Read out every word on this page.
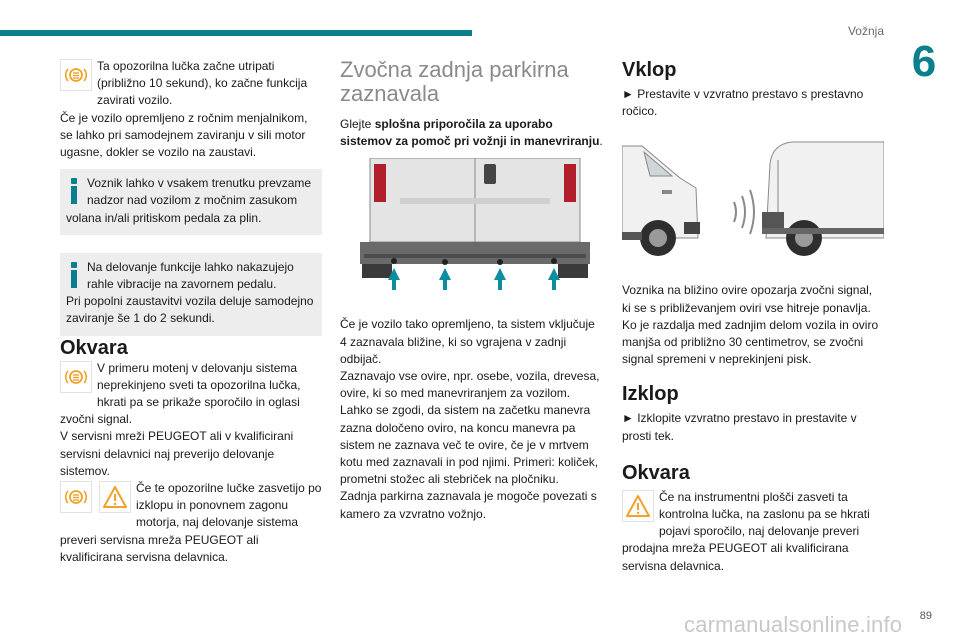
Vožnja
6

Ta opozorilna lučka začne utripati (približno 10 sekund), ko začne funkcija zavirati vozilo.

Če je vozilo opremljeno z ročnim menjalnikom, se lahko pri samodejnem zaviranju v sili motor ugasne, dokler se vozilo na zaustavi.

Voznik lahko v vsakem trenutku prevzame nadzor nad vozilom z močnim zasukom volana in/ali pritiskom pedala za plin.

Na delovanje funkcije lahko nakazujejo rahle vibracije na zavornem pedalu.

Pri popolni zaustavitvi vozila deluje samodejno zaviranje še 1 do 2 sekundi.

Okvara

V primeru motenj v delovanju sistema neprekinjeno sveti ta opozorilna lučka, hkrati pa se prikaže sporočilo in oglasi zvočni signal.

V servisni mreži PEUGEOT ali v kvalificirani servisni delavnici naj preverijo delovanje sistemov.

Če te opozorilne lučke zasvetijo po izklopu in ponovnem zagonu motorja, naj delovanje sistema preveri servisna mreža PEUGEOT ali kvalificirana servisna delavnica.

Zvočna zadnja parkirna zaznavala

Glejte splošna priporočila za uporabo sistemov za pomoč pri vožnji in manevriranju.

Če je vozilo tako opremljeno, ta sistem vključuje 4 zaznavala bližine, ki so vgrajena v zadnji odbijač.

Zaznavajo vse ovire, npr. osebe, vozila, drevesa, ovire, ki so med manevriranjem za vozilom.

Lahko se zgodi, da sistem na začetku manevra zazna določeno oviro, na koncu manevra pa sistem ne zaznava več te ovire, če je v mrtvem kotu med zaznavali in pod njimi. Primeri: količek, prometni stožec ali stebriček na pločniku.

Zadnja parkirna zaznavala je mogoče povezati s kamero za vzvratno vožnjo.

Vklop

► Prestavite v vzvratno prestavo s prestavno ročico.

Voznika na bližino ovire opozarja zvočni signal, ki se s približevanjem oviri vse hitreje ponavlja. Ko je razdalja med zadnjim delom vozila in oviro manjša od približno 30 centimetrov, se zvočni signal spremeni v neprekinjeni pisk.

Izklop

► Izklopite vzvratno prestavo in prestavite v prosti tek.

Okvara

Če na instrumentni plošči zasveti ta kontrolna lučka, na zaslonu pa se hkrati pojavi sporočilo, naj delovanje preveri prodajna mreža PEUGEOT ali kvalificirana servisna delavnica.

carmanualsonline.info 89
